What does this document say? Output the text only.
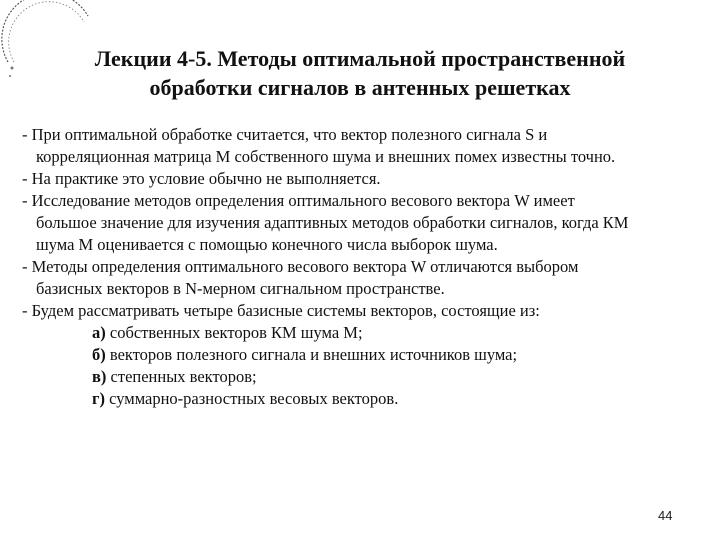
Лекции 4-5. Методы оптимальной пространственной
обработки сигналов в антенных решетках
- При оптимальной обработке считается, что вектор полезного сигнала S и
корреляционная матрица M собственного шума и внешних помех известны точно.
- На практике это условие обычно не выполняется.
- Исследование методов определения оптимального весового вектора W имеет
большое значение для изучения адаптивных методов обработки сигналов, когда КМ
шума M оценивается с помощью конечного числа выборок шума.
- Методы определения оптимального весового вектора W отличаются выбором
базисных векторов в N-мерном сигнальном пространстве.
- Будем рассматривать четыре базисные системы векторов, состоящие из:
а) собственных векторов КМ шума M;
б) векторов полезного сигнала и внешних источников шума;
в) степенных векторов;
г) суммарно-разностных весовых векторов.
44
